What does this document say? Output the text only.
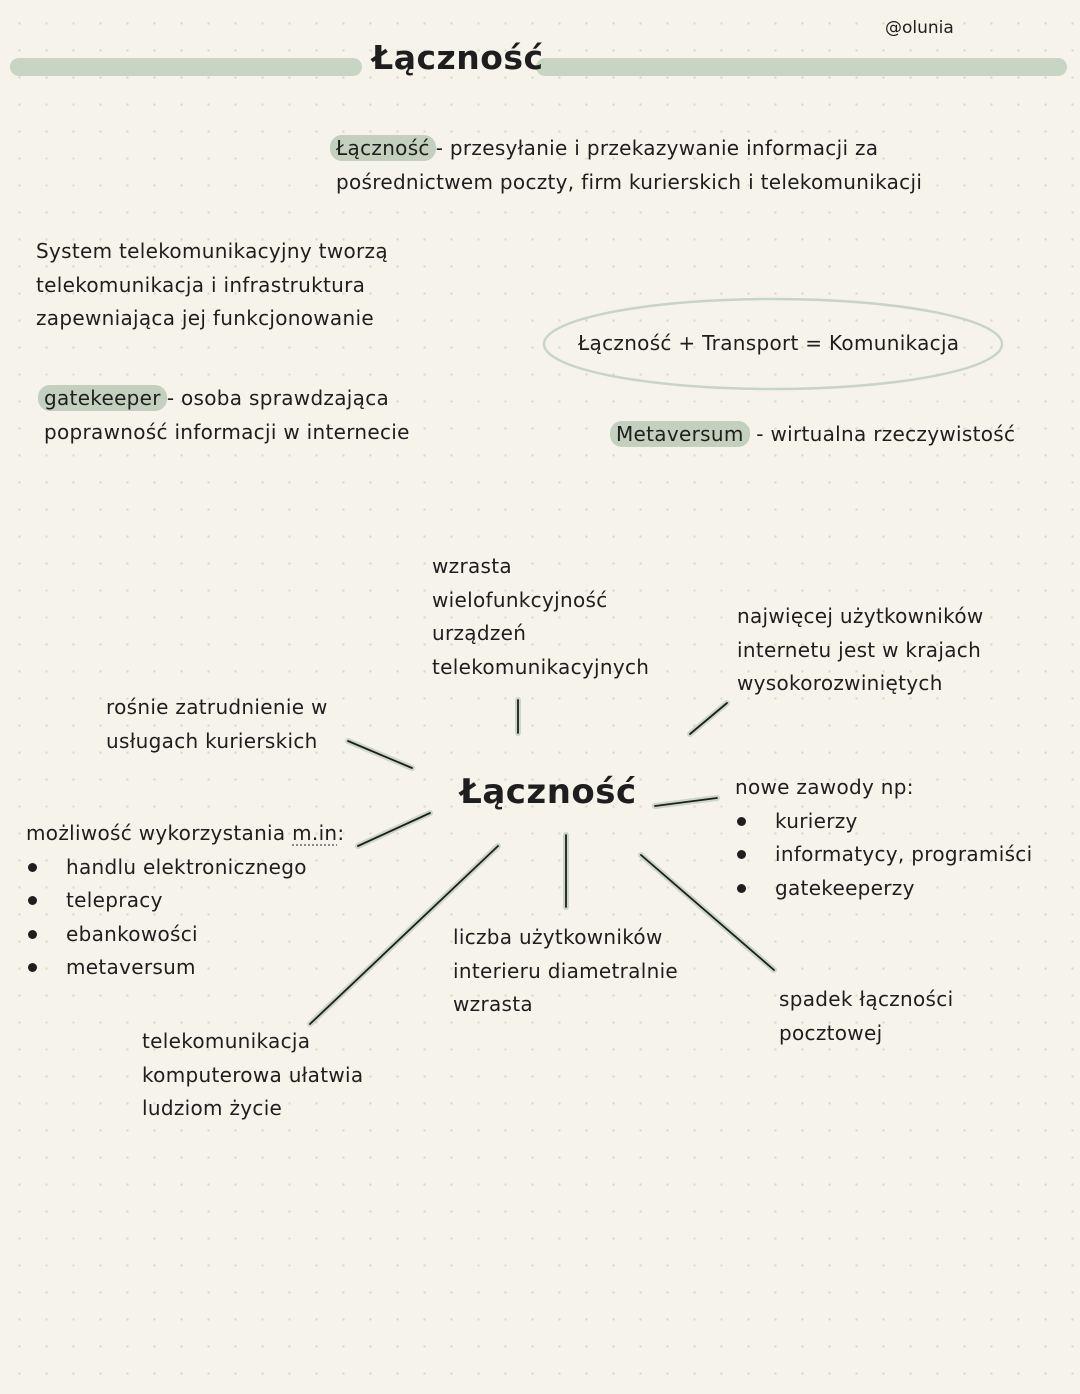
Łączność
@olunia
Łączność - przesyłanie i przekazywanie informacji za
pośrednictwem poczty, firm kurierskich i telekomunikacji
System telekomunikacyjny tworzą
telekomunikacja i infrastruktura
zapewniająca jej funkcjonowanie
Łączność + Transport = Komunikacja
gatekeeper - osoba sprawdzająca
poprawność informacji w internecie	Metaversum - wirtualna rzeczywistość
Łączność
wzrasta
wielofunkcyjność
urządzeń
telekomunikacyjnych
najwięcej użytkowników
internetu jest w krajach
wysokorozwiniętych
rośnie zatrudnienie w
usługach kurierskich
możliwość wykorzystania m.in:
handlu elektronicznego
telepracy
ebankowości
metaversum
nowe zawody np:
kurierzy
informatycy, programiści
gatekeeperzy
liczba użytkowników
interieru diametralnie
wzrasta	spadek łączności
pocztowej
telekomunikacja
komputerowa ułatwia
ludziom życie
